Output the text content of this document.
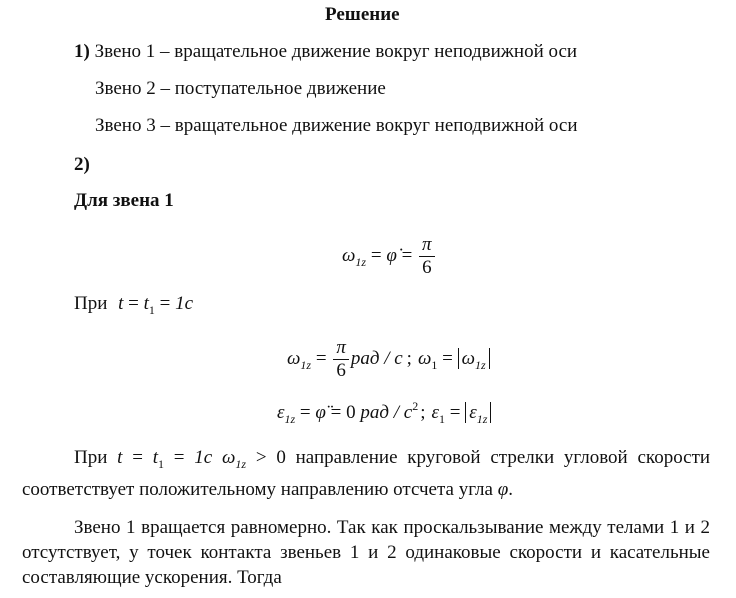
Решение
1) Звено 1 – вращательное движение вокруг неподвижной оси
Звено 2 – поступательное движение
Звено 3 – вращательное движение вокруг неподвижной оси
2)
Для звена 1
$\omega_{1z}$ = φ̇ = $\frac{\pi}{6}$
При $t = t_1 = 1c$
$\omega_{1z} = \frac{\pi}{6}$ рад / с ; $\omega_1 = \omega_{1z}$
$\varepsilon_{1z}$ = φ̈ = 0 рад / $c^2$ ; $\varepsilon_1 = \varepsilon_{1z}$
При $t = t_1 = 1c$ $\omega_{1z} > 0$ направление круговой стрелки угловой скорости
соответствует положительному направлению отсчета угла φ.
Звено 1 вращается равномерно. Так как проскальзывание между телами 1 и 2 отсутствует, у точек контакта звеньев 1 и 2 одинаковые скорости и касательные составляющие ускорения. Тогда
